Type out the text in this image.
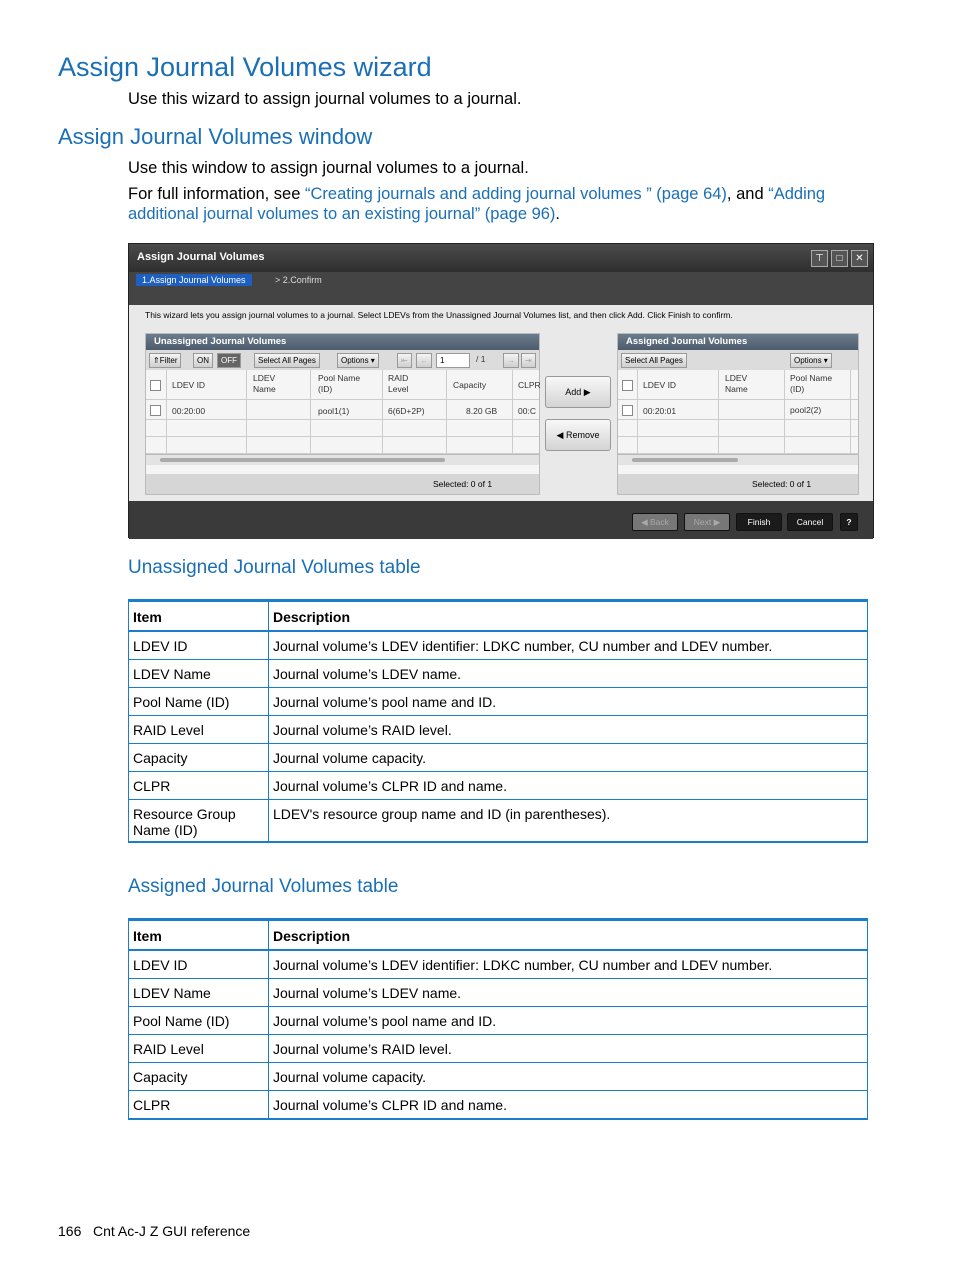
Assign Journal Volumes wizard
Use this wizard to assign journal volumes to a journal.
Assign Journal Volumes window
Use this window to assign journal volumes to a journal.
For full information, see “Creating journals and adding journal volumes ” (page 64), and “Adding additional journal volumes to an existing journal” (page 96).
Assign Journal Volumes	⊤	□	✕
1.Assign Journal Volumes	> 2.Confirm
This wizard lets you assign journal volumes to a journal. Select LDEVs from the Unassigned Journal Volumes list, and then click Add. Click Finish to confirm.
Unassigned Journal Volumes
⇑Filter	ON	OFF	Select All Pages	Options ▾	⇤	←	1	/ 1	→	⇥
LDEV ID
LDEV Name
Pool Name (ID)
RAID Level	Capacity	CLPR
00:20:00	pool1(1)	6(6D+2P)	8.20 GB 00:C
Selected: 0 of 1
Add ▶
◀ Remove
Assigned Journal Volumes
Select All Pages	Options ▾
LDEV ID
LDEV Name
Pool Name (ID)
00:20:01	pool2(2)
Selected: 0 of 1
◀ Back	Next ▶	Finish	Cancel	?
Unassigned Journal Volumes table
Item	Description
LDEV ID	Journal volume’s LDEV identifier: LDKC number, CU number and LDEV number.
LDEV Name	Journal volume’s LDEV name.
Pool Name (ID)	Journal volume’s pool name and ID.
RAID Level	Journal volume’s RAID level.
Capacity	Journal volume capacity.
CLPR	Journal volume’s CLPR ID and name.
Resource Group Name (ID)	LDEV's resource group name and ID (in parentheses).
Assigned Journal Volumes table
Item	Description
LDEV ID	Journal volume’s LDEV identifier: LDKC number, CU number and LDEV number.
LDEV Name	Journal volume’s LDEV name.
Pool Name (ID)	Journal volume’s pool name and ID.
RAID Level	Journal volume’s RAID level.
Capacity	Journal volume capacity.
CLPR	Journal volume’s CLPR ID and name.
166 Cnt Ac-J Z GUI reference
